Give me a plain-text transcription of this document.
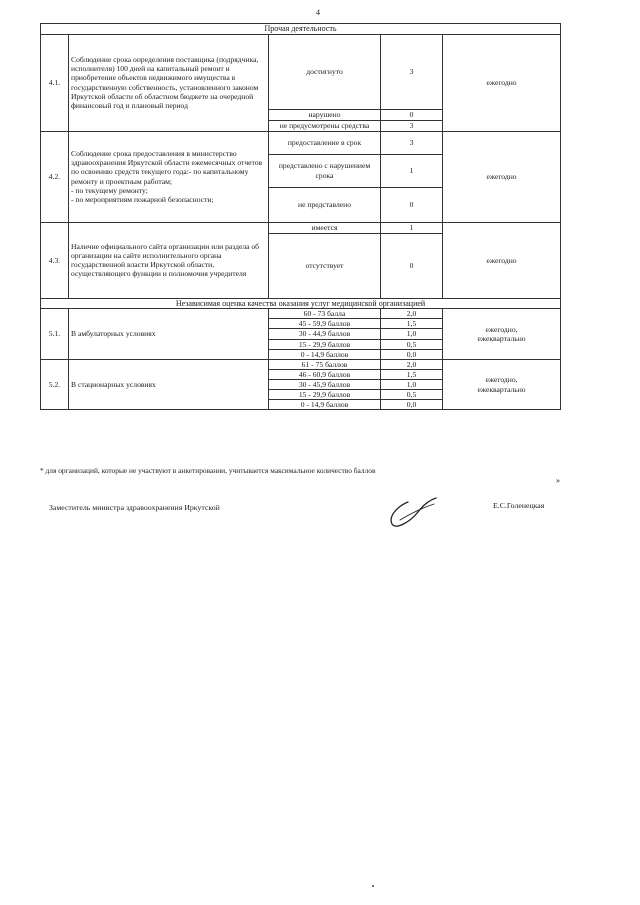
4
Прочая деятельность				
4.1.	Соблюдение срока определения поставщика (подрядчика, исполнителя) 100 дней на капитальный ремонт и приобретение объектов недвижимого имущества в государственную собственность, установленного законом Иркутской области об областном бюджете на очередной финансовый год и плановый период	достигнуто	3	ежегодно
		нарушено	0	
		не предусмотрены средства	3	
4.2.	Соблюдение срока предоставления в министерство здравоохранения Иркутской области ежемесячных отчетов по освоению средств текущего года:- по капитальному ремонту и проектным работам;
- по текущему ремонту;
- по мероприятиям пожарной безопасности;	предоставление в срок	3	ежегодно
		представлено с нарушением срока	1	
		не представлено	0	
4.3.	Наличие официального сайта организации или раздела об организации на сайте исполнительного органа государственной власти Иркутской области, осуществляющего функции и полномочия учредителя	имеется	1	ежегодно
		отсутствует	0	
Независимая оценка качества оказания услуг медицинской организацией				
5.1.	В амбулаторных условиях	60 - 73 балла	2,0	ежегодно,
ежеквартально

		45 - 59,9 баллов	1,5	
		30 - 44,9 баллов	1,0	
		15 - 29,9 баллов	0,5	
		0 - 14,9 баллов	0,0	
5.2.	В стационарных условиях	61 - 75 баллов	2,0	ежегодно,
ежеквартально

		46 - 60,9 баллов	1,5	
		30 - 45,9 баллов	1,0	
		15 - 29,9 баллов	0,5	
		0 - 14,9 баллов	0,0	
* для организаций, которые не участвуют в анкетировании, учитывается максимальное количество баллов
»
Заместитель министра здравоохранения Иркутской	Е.С.Голенецкая
